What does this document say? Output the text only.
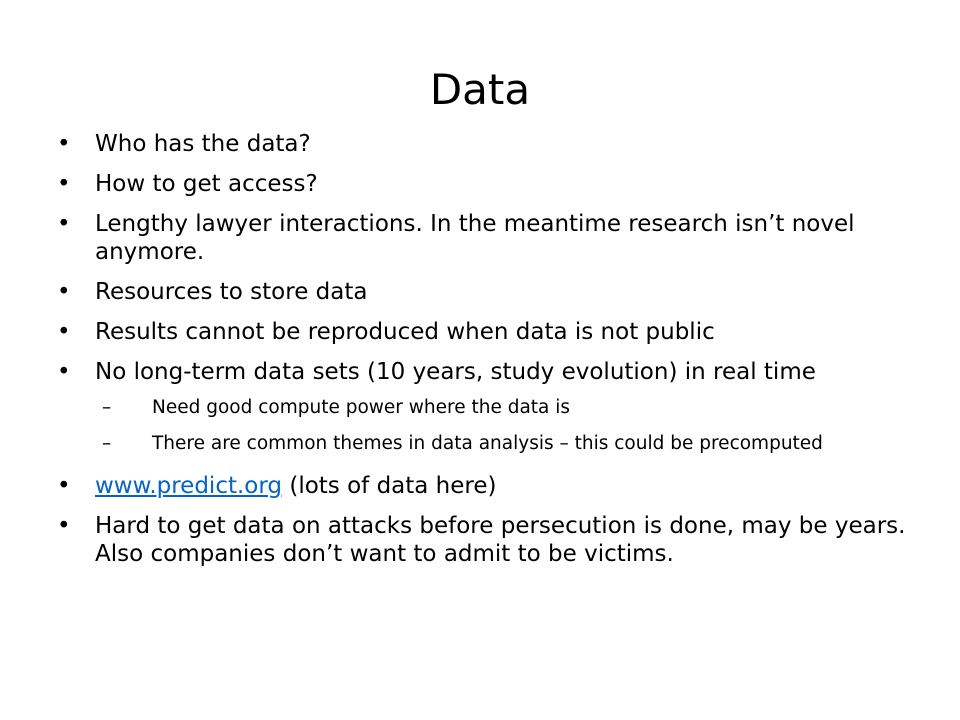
Data
• Who has the data?
• How to get access?
• Lengthy lawyer interactions. In the meantime research isn’t novel anymore.
• Resources to store data
• Results cannot be reproduced when data is not public
• No long-term data sets (10 years, study evolution) in real time
– Need good compute power where the data is
– There are common themes in data analysis – this could be precomputed
• www.predict.org (lots of data here)
• Hard to get data on attacks before persecution is done, may be years. Also companies don’t want to admit to be victims.
